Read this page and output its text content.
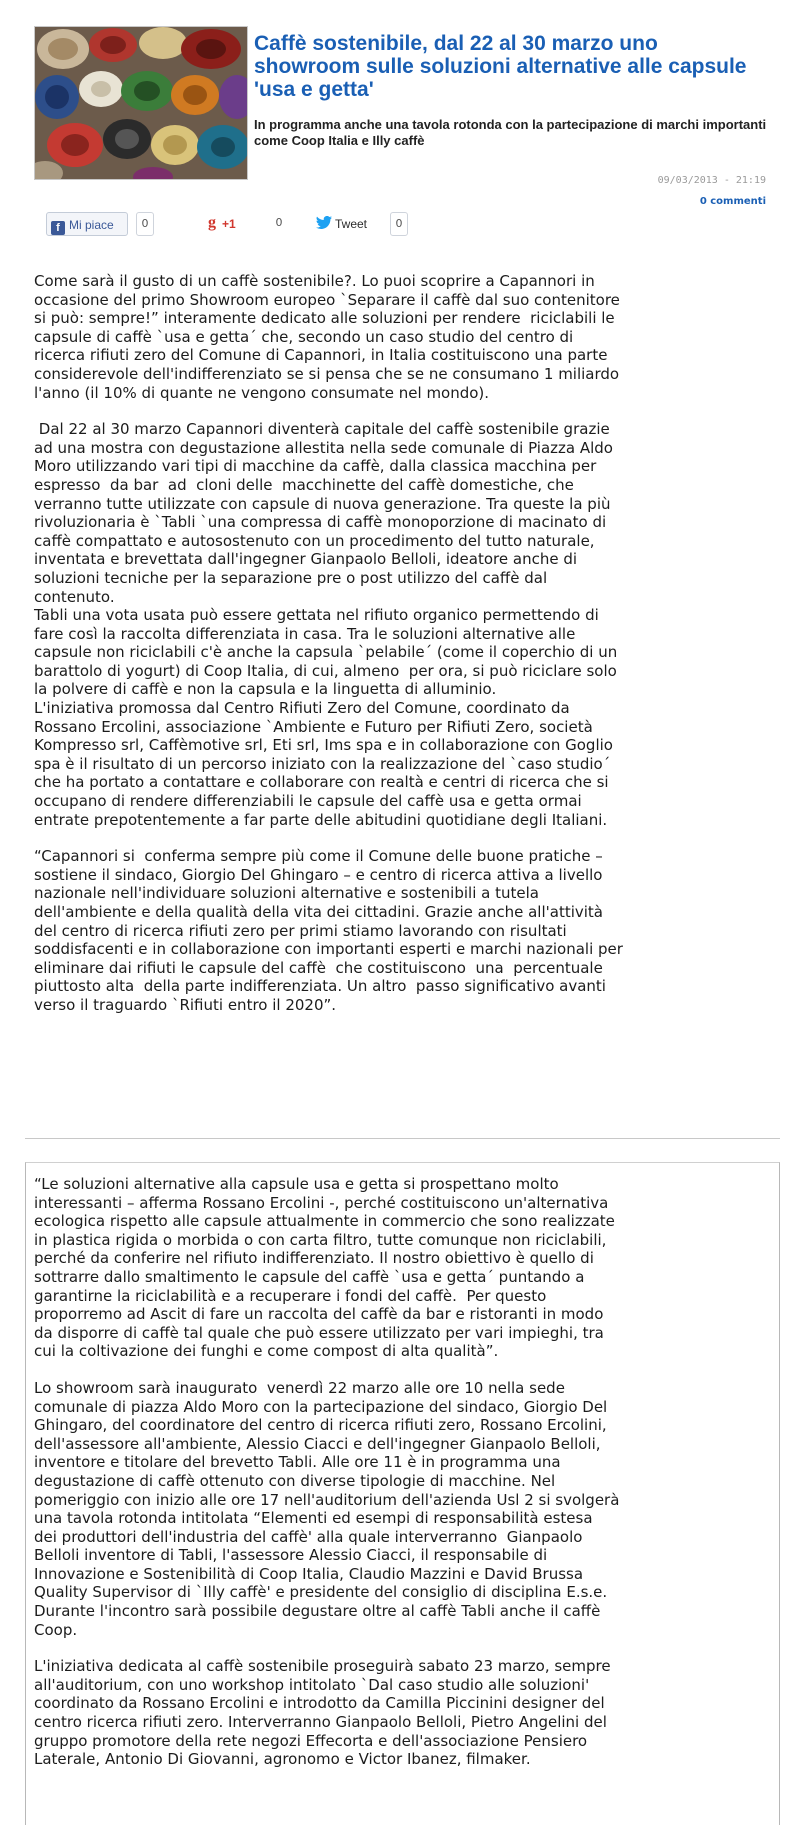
Caffè sostenibile, dal 22 al 30 marzo uno showroom sulle soluzioni alternative alle capsule 'usa e getta'

In programma anche una tavola rotonda con la partecipazione di marchi importanti come Coop Italia e Illy caffè

09/03/2013 - 21:19
0 commenti
f Mi piace	0	g +1	0	Tweet	0

Come sarà il gusto di un caffè sostenibile?. Lo puoi scoprire a Capannori in
occasione del primo Showroom europeo `Separare il caffè dal suo contenitore
si può: sempre!” interamente dedicato alle soluzioni per rendere  riciclabili le
capsule di caffè `usa e getta´ che, secondo un caso studio del centro di
ricerca rifiuti zero del Comune di Capannori, in Italia costituiscono una parte
considerevole dell'indifferenziato se si pensa che se ne consumano 1 miliardo
l'anno (il 10% di quante ne vengono consumate nel mondo).

Dal 22 al 30 marzo Capannori diventerà capitale del caffè sostenibile grazie
ad una mostra con degustazione allestita nella sede comunale di Piazza Aldo
Moro utilizzando vari tipi di macchine da caffè, dalla classica macchina per
espresso  da bar  ad  cloni delle  macchinette del caffè domestiche, che
verranno tutte utilizzate con capsule di nuova generazione. Tra queste la più
rivoluzionaria è `Tabli `una compressa di caffè monoporzione di macinato di
caffè compattato e autosostenuto con un procedimento del tutto naturale,
inventata e brevettata dall'ingegner Gianpaolo Belloli, ideatore anche di
soluzioni tecniche per la separazione pre o post utilizzo del caffè dal
contenuto.
Tabli una vota usata può essere gettata nel rifiuto organico permettendo di
fare così la raccolta differenziata in casa. Tra le soluzioni alternative alle
capsule non riciclabili c'è anche la capsula `pelabile´ (come il coperchio di un
barattolo di yogurt) di Coop Italia, di cui, almeno  per ora, si può riciclare solo
la polvere di caffè e non la capsula e la linguetta di alluminio.
L'iniziativa promossa dal Centro Rifiuti Zero del Comune, coordinato da
Rossano Ercolini, associazione `Ambiente e Futuro per Rifiuti Zero, società
Kompresso srl, Caffèmotive srl, Eti srl, Ims spa e in collaborazione con Goglio
spa è il risultato di un percorso iniziato con la realizzazione del `caso studio´
che ha portato a contattare e collaborare con realtà e centri di ricerca che si
occupano di rendere differenziabili le capsule del caffè usa e getta ormai
entrate prepotentemente a far parte delle abitudini quotidiane degli Italiani.

“Capannori si  conferma sempre più come il Comune delle buone pratiche –
sostiene il sindaco, Giorgio Del Ghingaro – e centro di ricerca attiva a livello
nazionale nell'individuare soluzioni alternative e sostenibili a tutela
dell'ambiente e della qualità della vita dei cittadini. Grazie anche all'attività
del centro di ricerca rifiuti zero per primi stiamo lavorando con risultati
soddisfacenti e in collaborazione con importanti esperti e marchi nazionali per
eliminare dai rifiuti le capsule del caffè  che costituiscono  una  percentuale
piuttosto alta  della parte indifferenziata. Un altro  passo significativo avanti
verso il traguardo `Rifiuti entro il 2020”.

“Le soluzioni alternative alla capsule usa e getta si prospettano molto
interessanti – afferma Rossano Ercolini -, perché costituiscono un'alternativa
ecologica rispetto alle capsule attualmente in commercio che sono realizzate
in plastica rigida o morbida o con carta filtro, tutte comunque non riciclabili,
perché da conferire nel rifiuto indifferenziato. Il nostro obiettivo è quello di
sottrarre dallo smaltimento le capsule del caffè `usa e getta´ puntando a
garantirne la riciclabilità e a recuperare i fondi del caffè.  Per questo
proporremo ad Ascit di fare un raccolta del caffè da bar e ristoranti in modo
da disporre di caffè tal quale che può essere utilizzato per vari impieghi, tra
cui la coltivazione dei funghi e come compost di alta qualità”.

Lo showroom sarà inaugurato  venerdì 22 marzo alle ore 10 nella sede
comunale di piazza Aldo Moro con la partecipazione del sindaco, Giorgio Del
Ghingaro, del coordinatore del centro di ricerca rifiuti zero, Rossano Ercolini,
dell'assessore all'ambiente, Alessio Ciacci e dell'ingegner Gianpaolo Belloli,
inventore e titolare del brevetto Tabli. Alle ore 11 è in programma una
degustazione di caffè ottenuto con diverse tipologie di macchine. Nel
pomeriggio con inizio alle ore 17 nell'auditorium dell'azienda Usl 2 si svolgerà
una tavola rotonda intitolata “Elementi ed esempi di responsabilità estesa
dei produttori dell'industria del caffè' alla quale interverranno  Gianpaolo
Belloli inventore di Tabli, l'assessore Alessio Ciacci, il responsabile di
Innovazione e Sostenibilità di Coop Italia, Claudio Mazzini e David Brussa
Quality Supervisor di `Illy caffè' e presidente del consiglio di disciplina E.s.e.
Durante l'incontro sarà possibile degustare oltre al caffè Tabli anche il caffè
Coop.

L'iniziativa dedicata al caffè sostenibile proseguirà sabato 23 marzo, sempre
all'auditorium, con uno workshop intitolato `Dal caso studio alle soluzioni'
coordinato da Rossano Ercolini e introdotto da Camilla Piccinini designer del
centro ricerca rifiuti zero. Interverranno Gianpaolo Belloli, Pietro Angelini del
gruppo promotore della rete negozi Effecorta e dell'associazione Pensiero
Laterale, Antonio Di Giovanni, agronomo e Victor Ibanez, filmaker.
